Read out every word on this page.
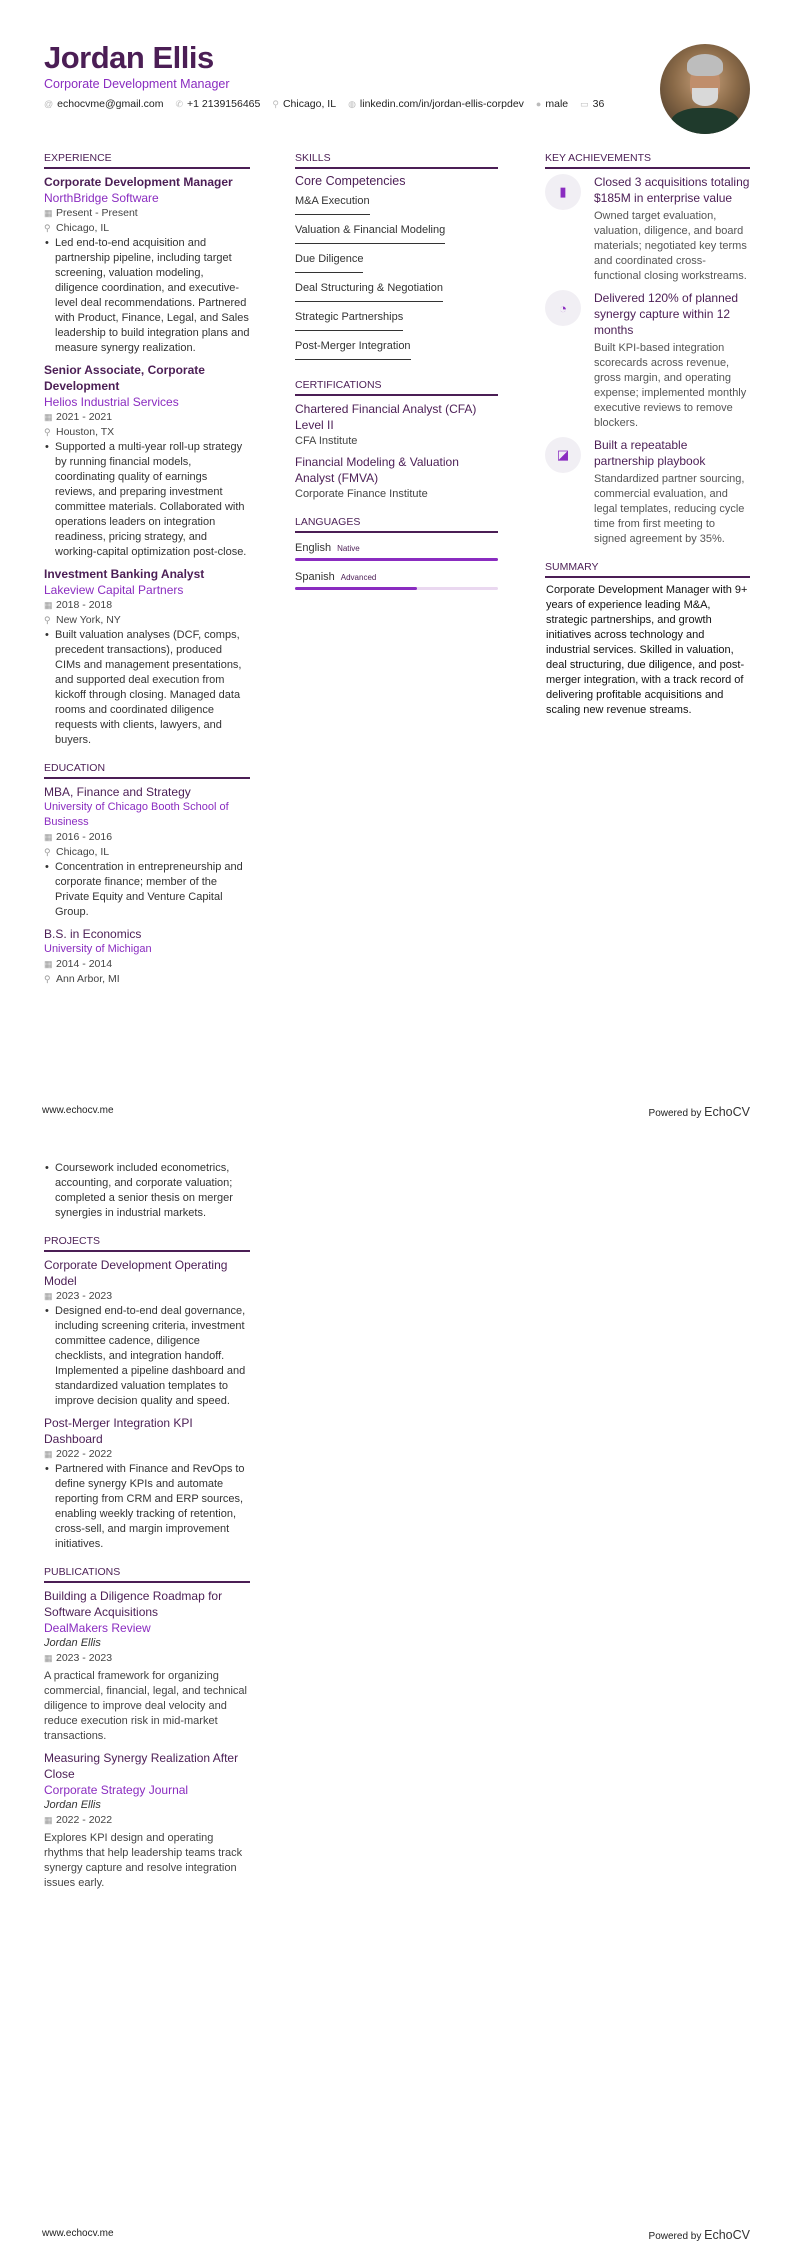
Jordan Ellis
Corporate Development Manager
@ echocvme@gmail.com ✆ +1 2139156465 ⚲ Chicago, IL ◍ linkedin.com/in/jordan-ellis-corpdev ● male ▭ 36
EXPERIENCE
Corporate Development Manager
NorthBridge Software
▦ Present - Present
⚲ Chicago, IL
• Led end-to-end acquisition and partnership pipeline, including target screening, valuation modeling, diligence coordination, and executive-level deal recommendations. Partnered with Product, Finance, Legal, and Sales leadership to build integration plans and measure synergy realization.
Senior Associate, Corporate Development
Helios Industrial Services
▦ 2021 - 2021
⚲ Houston, TX
• Supported a multi-year roll-up strategy by running financial models, coordinating quality of earnings reviews, and preparing investment committee materials. Collaborated with operations leaders on integration readiness, pricing strategy, and working-capital optimization post-close.
Investment Banking Analyst
Lakeview Capital Partners
▦ 2018 - 2018
⚲ New York, NY
• Built valuation analyses (DCF, comps, precedent transactions), produced CIMs and management presentations, and supported deal execution from kickoff through closing. Managed data rooms and coordinated diligence requests with clients, lawyers, and buyers.
EDUCATION
MBA, Finance and Strategy
University of Chicago Booth School of Business
▦ 2016 - 2016
⚲ Chicago, IL
• Concentration in entrepreneurship and corporate finance; member of the Private Equity and Venture Capital Group.
B.S. in Economics
University of Michigan
▦ 2014 - 2014
⚲ Ann Arbor, MI
SKILLS
Core Competencies
M&A Execution
Valuation & Financial Modeling
Due Diligence
Deal Structuring & Negotiation
Strategic Partnerships
Post-Merger Integration
CERTIFICATIONS
Chartered Financial Analyst (CFA) Level II
CFA Institute
Financial Modeling & Valuation Analyst (FMVA)
Corporate Finance Institute
LANGUAGES
English Native
Spanish Advanced
KEY ACHIEVEMENTS
▮
Closed 3 acquisitions totaling $185M in enterprise value
Owned target evaluation, valuation, diligence, and board materials; negotiated key terms and coordinated cross-functional closing workstreams.
◔
Delivered 120% of planned synergy capture within 12 months
Built KPI-based integration scorecards across revenue, gross margin, and operating expense; implemented monthly executive reviews to remove blockers.
◪
Built a repeatable partnership playbook
Standardized partner sourcing, commercial evaluation, and legal templates, reducing cycle time from first meeting to signed agreement by 35%.
SUMMARY
Corporate Development Manager with 9+ years of experience leading M&A, strategic partnerships, and growth initiatives across technology and industrial services. Skilled in valuation, deal structuring, due diligence, and post-merger integration, with a track record of delivering profitable acquisitions and scaling new revenue streams.
www.echocv.me	Powered by EchoCV
• Coursework included econometrics, accounting, and corporate valuation; completed a senior thesis on merger synergies in industrial markets.
PROJECTS
Corporate Development Operating Model
▦ 2023 - 2023
• Designed end-to-end deal governance, including screening criteria, investment committee cadence, diligence checklists, and integration handoff. Implemented a pipeline dashboard and standardized valuation templates to improve decision quality and speed.
Post-Merger Integration KPI Dashboard
▦ 2022 - 2022
• Partnered with Finance and RevOps to define synergy KPIs and automate reporting from CRM and ERP sources, enabling weekly tracking of retention, cross-sell, and margin improvement initiatives.
PUBLICATIONS
Building a Diligence Roadmap for Software Acquisitions
DealMakers Review
Jordan Ellis
▦ 2023 - 2023
A practical framework for organizing commercial, financial, legal, and technical diligence to improve deal velocity and reduce execution risk in mid-market transactions.
Measuring Synergy Realization After Close
Corporate Strategy Journal
Jordan Ellis
▦ 2022 - 2022
Explores KPI design and operating rhythms that help leadership teams track synergy capture and resolve integration issues early.
www.echocv.me	Powered by EchoCV
